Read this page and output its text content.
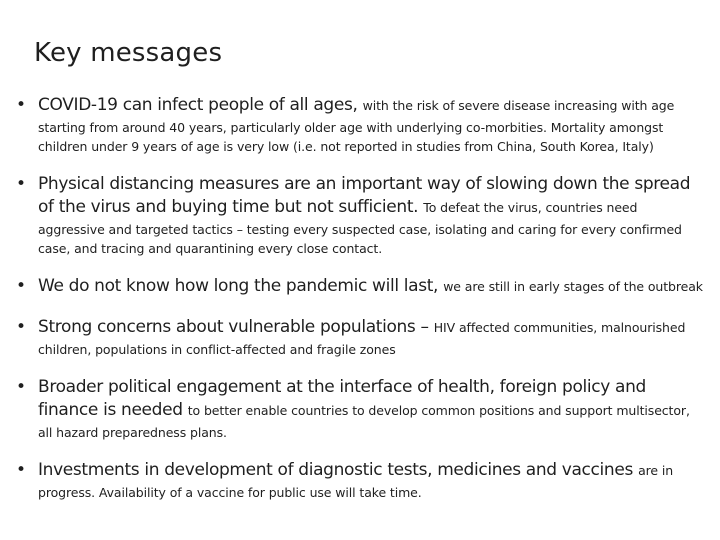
Key messages
• COVID-19 can infect people of all ages, with the risk of severe disease increasing with age starting from around 40 years, particularly older age with underlying co-morbities. Mortality amongst children under 9 years of age is very low (i.e. not reported in studies from China, South Korea, Italy)
• Physical distancing measures are an important way of slowing down the spread of the virus and buying time but not sufficient. To defeat the virus, countries need aggressive and targeted tactics – testing every suspected case, isolating and caring for every confirmed case, and tracing and quarantining every close contact.
• We do not know how long the pandemic will last, we are still in early stages of the outbreak
• Strong concerns about vulnerable populations – HIV affected communities, malnourished children, populations in conflict-affected and fragile zones
• Broader political engagement at the interface of health, foreign policy and finance is needed to better enable countries to develop common positions and support multisector, all hazard preparedness plans.
• Investments in development of diagnostic tests, medicines and vaccines are in progress. Availability of a vaccine for public use will take time.
